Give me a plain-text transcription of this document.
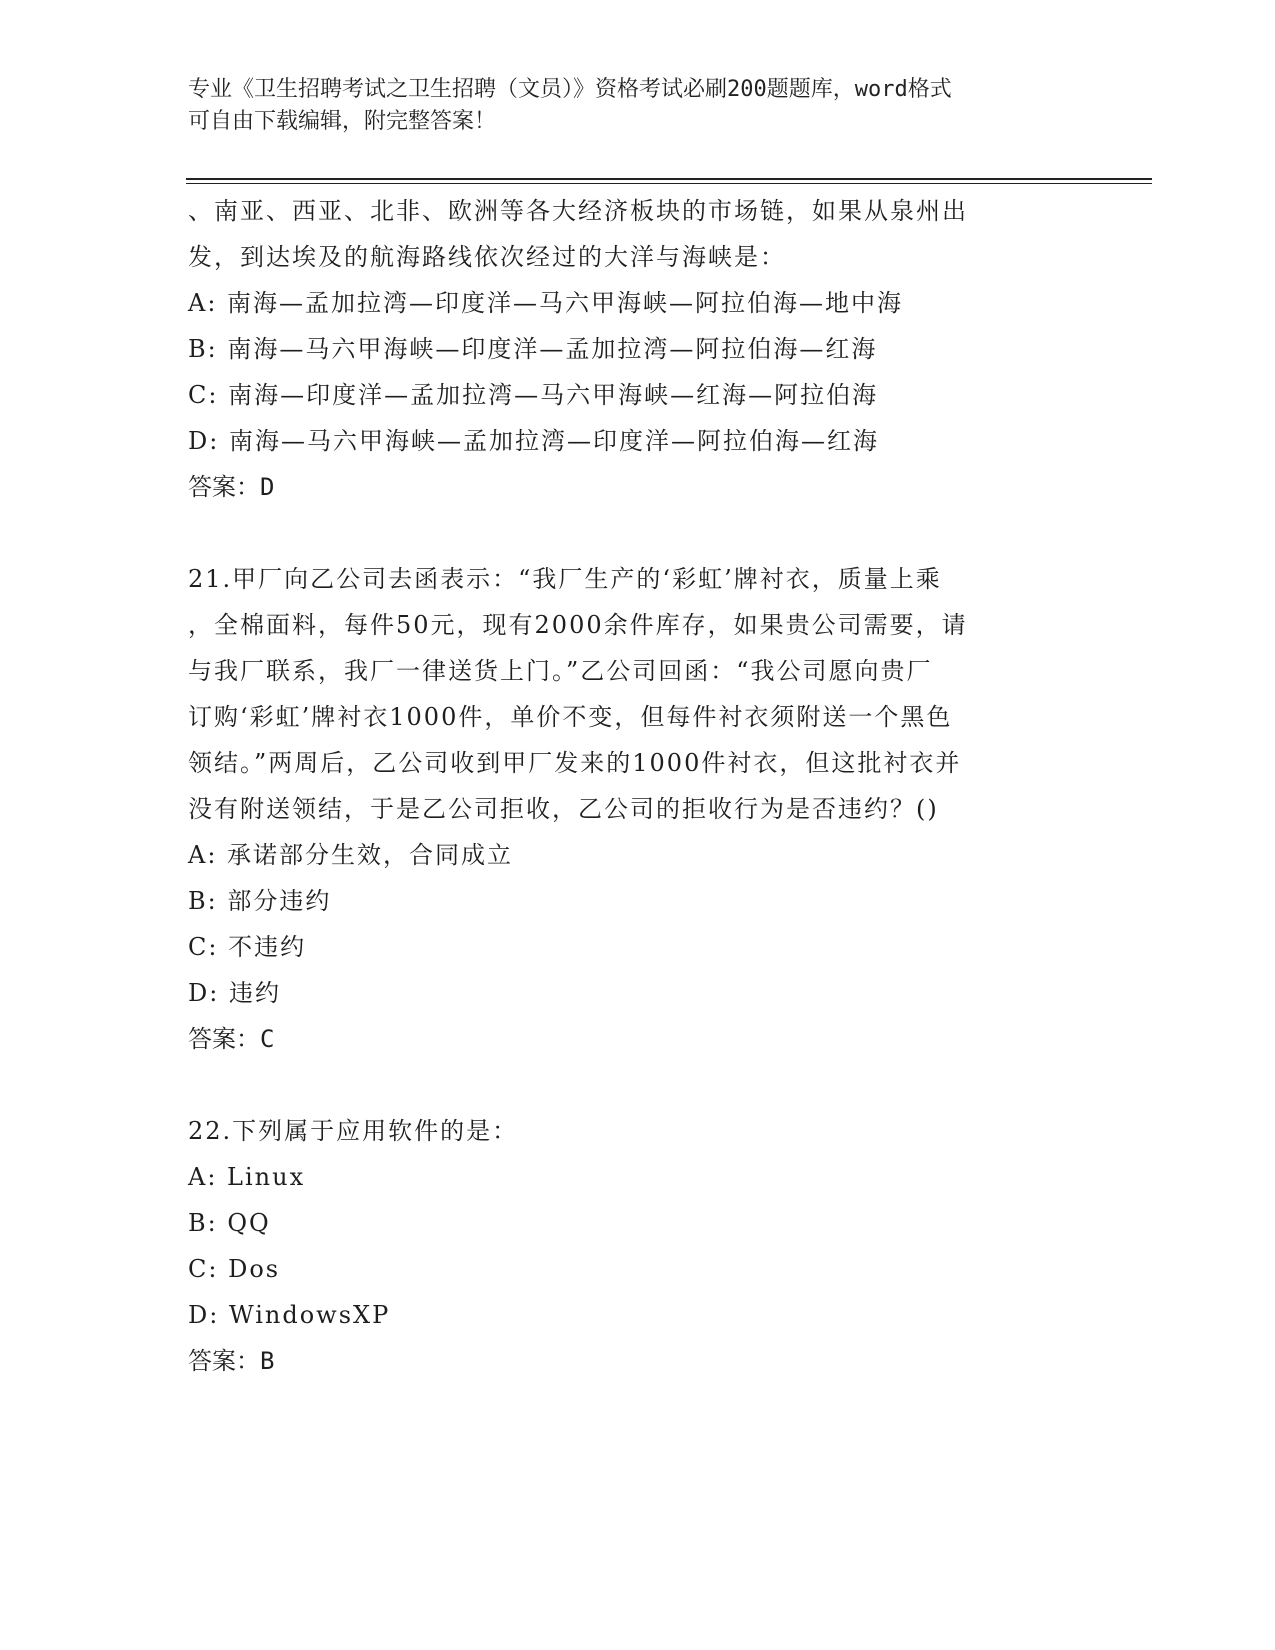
专业《卫生招聘考试之卫生招聘（文员）》资格考试必刷200题题库，word格式
可自由下载编辑，附完整答案！
、南亚、西亚、北非、欧洲等各大经济板块的市场链，如果从泉州出
发，到达埃及的航海路线依次经过的大洋与海峡是：
A: 南海—孟加拉湾—印度洋—马六甲海峡—阿拉伯海—地中海
B: 南海—马六甲海峡—印度洋—孟加拉湾—阿拉伯海—红海
C: 南海—印度洋—孟加拉湾—马六甲海峡—红海—阿拉伯海
D: 南海—马六甲海峡—孟加拉湾—印度洋—阿拉伯海—红海
答案：D
21.甲厂向乙公司去函表示：“我厂生产的‘彩虹’牌衬衣，质量上乘
，全棉面料，每件50元，现有2000余件库存，如果贵公司需要，请
与我厂联系，我厂一律送货上门。”乙公司回函：“我公司愿向贵厂
订购‘彩虹’牌衬衣1000件，单价不变，但每件衬衣须附送一个黑色
领结。”两周后，乙公司收到甲厂发来的1000件衬衣，但这批衬衣并
没有附送领结，于是乙公司拒收，乙公司的拒收行为是否违约？()
A: 承诺部分生效，合同成立
B: 部分违约
C: 不违约
D: 违约
答案：C
22.下列属于应用软件的是：
A: Linux
B: QQ
C: Dos
D: WindowsXP
答案：B
